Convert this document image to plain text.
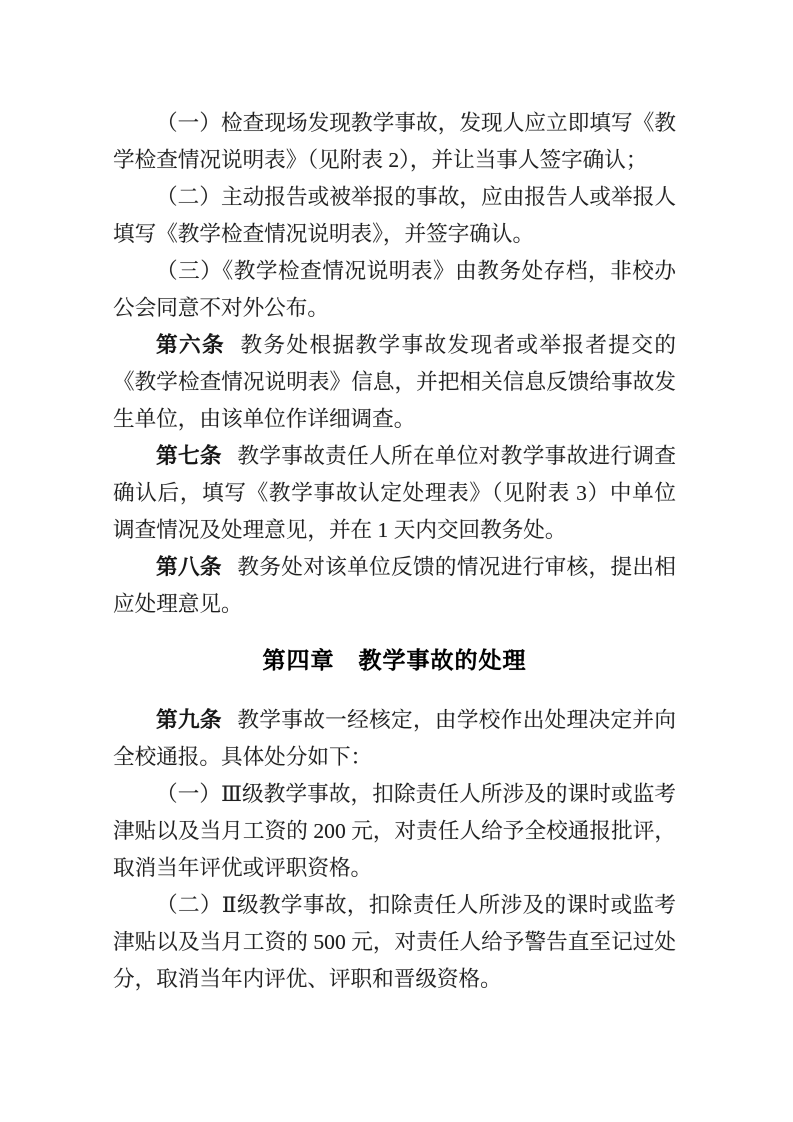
（一）检查现场发现教学事故，发现人应立即填写《教学检查情况说明表》（见附表 2），并让当事人签字确认；

（二）主动报告或被举报的事故，应由报告人或举报人填写《教学检查情况说明表》，并签字确认。

（三）《教学检查情况说明表》由教务处存档，非校办公会同意不对外公布。

第六条 教务处根据教学事故发现者或举报者提交的《教学检查情况说明表》信息，并把相关信息反馈给事故发生单位，由该单位作详细调查。

第七条 教学事故责任人所在单位对教学事故进行调查确认后，填写《教学事故认定处理表》（见附表 3）中单位调查情况及处理意见，并在 1 天内交回教务处。

第八条 教务处对该单位反馈的情况进行审核，提出相应处理意见。

第四章　教学事故的处理

第九条 教学事故一经核定，由学校作出处理决定并向全校通报。具体处分如下：

（一）Ⅲ级教学事故，扣除责任人所涉及的课时或监考津贴以及当月工资的 200 元，对责任人给予全校通报批评，取消当年评优或评职资格。

（二）Ⅱ级教学事故，扣除责任人所涉及的课时或监考津贴以及当月工资的 500 元，对责任人给予警告直至记过处分，取消当年内评优、评职和晋级资格。
